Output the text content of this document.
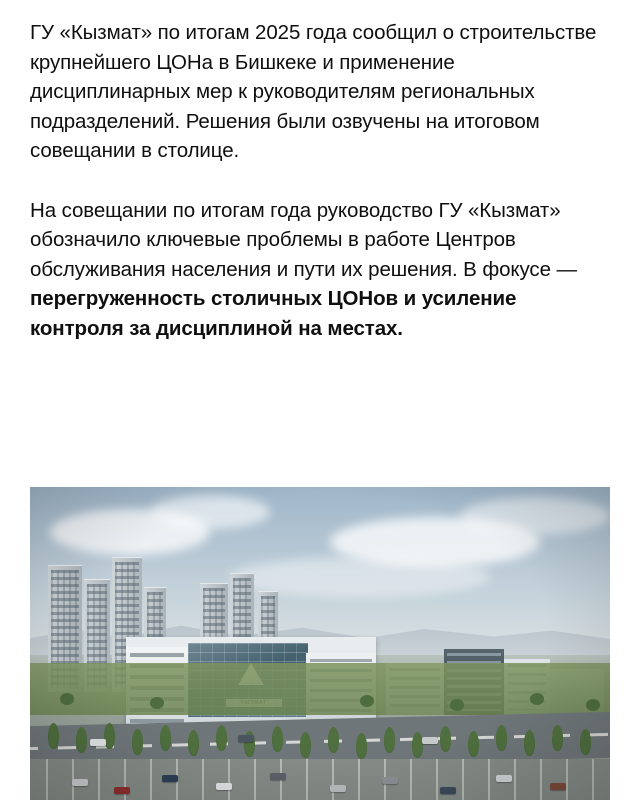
ГУ «Кызмат» по итогам 2025 года сообщил о строительстве крупнейшего ЦОНа в Бишкеке и применение дисциплинарных мер к руководителям региональных подразделений. Решения были озвучены на итоговом совещании в столице.

На совещании по итогам года руководство ГУ «Кызмат» обозначило ключевые проблемы в работе Центров обслуживания населения и пути их решения. В фокусе — перегруженность столичных ЦОНов и усиление контроля за дисциплиной на местах.
